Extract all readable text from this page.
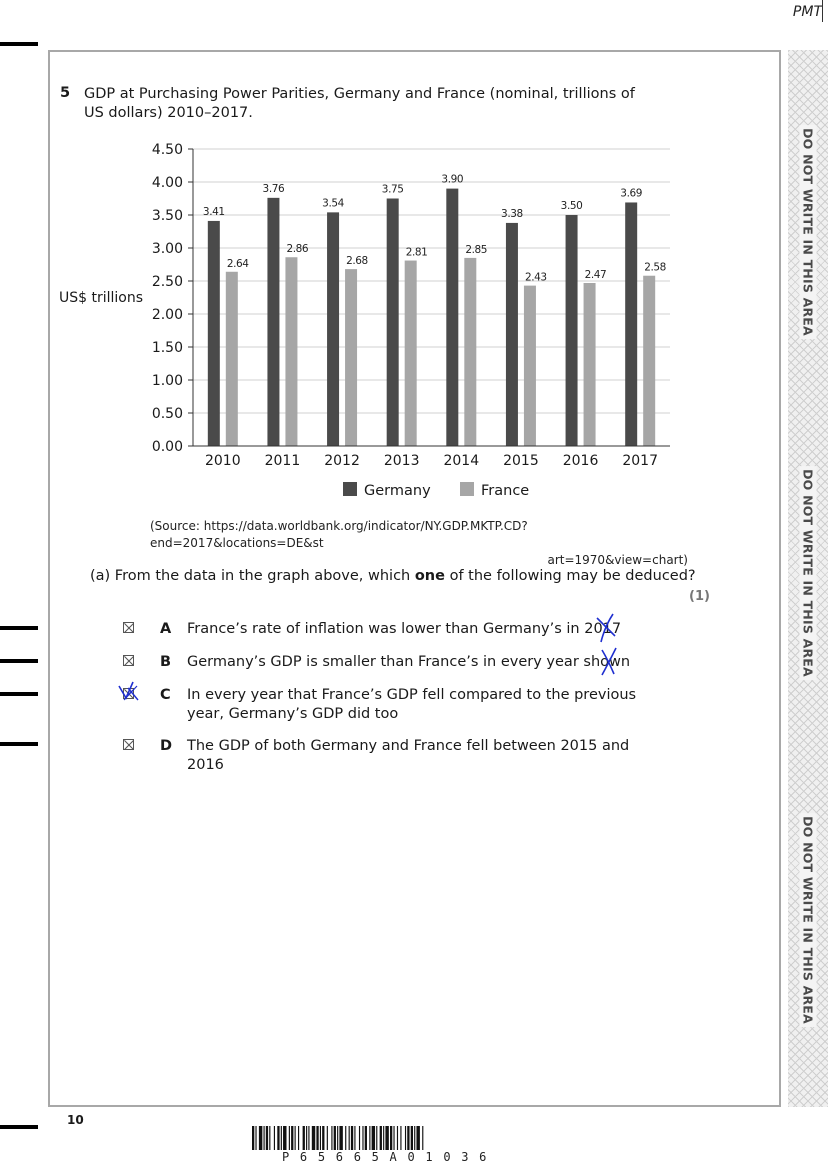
PMT
DO NOT WRITE IN THIS AREA
DO NOT WRITE IN THIS AREA
DO NOT WRITE IN THIS AREA
5 GDP at Purchasing Power Parities, Germany and France (nominal, trillions of US dollars) 2010–2017.
3.41
2.64
3.76
2.86
3.54
2.68
3.75
2.81
3.90
2.85
3.38
2.43
3.50
2.47
3.69
2.58
0.00
0.50
1.00
1.50
2.00
2.50
3.00
3.50
4.00
4.50
2010 2011 2012 2013 2014 2015 2016 2017
US$ trillions
Germany	France
(Source: https://data.worldbank.org/indicator/NY.GDP.MKTP.CD?end=2017&locations=DE&st
art=1970&view=chart)
(a) From the data in the graph above, which one of the following may be deduced?
(1)
A France’s rate of inflation was lower than Germany’s in 2017
B Germany’s GDP is smaller than France’s in every year shown
C In every year that France’s GDP fell compared to the previous year, Germany’s GDP did too
D The GDP of both Germany and France fell between 2015 and 2016
10
P65665A01036
